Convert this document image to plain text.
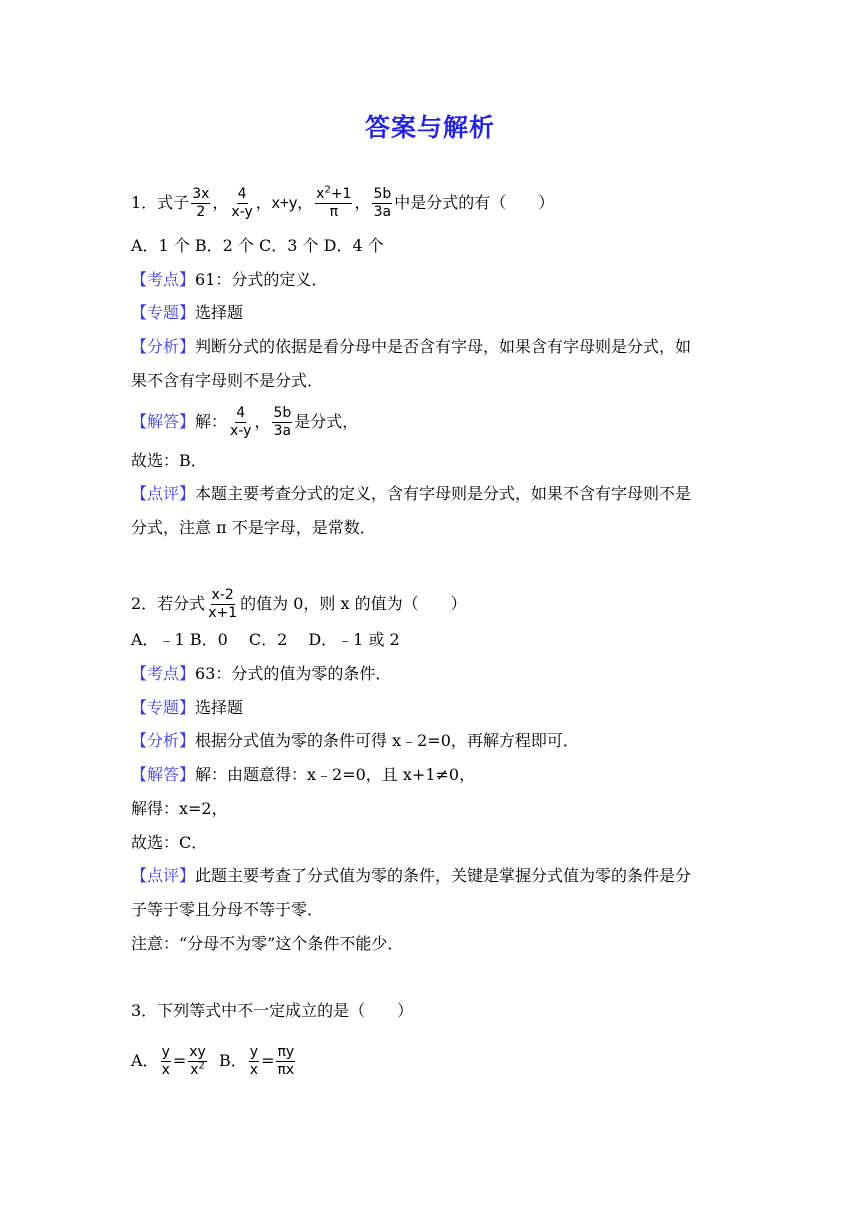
答案与解析
1．式子 $\frac{3x}{2}$ ， $\frac{4}{x-y}$ ，x+y， $\frac{x^2+1}{\pi}$ ， $\frac{5b}{3a}$ 中是分式的有（　　）
A．1 个 B．2 个 C．3 个 D．4 个
【考点】61：分式的定义．
【专题】选择题
【分析】判断分式的依据是看分母中是否含有字母，如果含有字母则是分式，如
果不含有字母则不是分式．
【解答】解： $\frac{4}{x-y}$ ， $\frac{5b}{3a}$ 是分式，
故选：B．
【点评】本题主要考查分式的定义，含有字母则是分式，如果不含有字母则不是
分式，注意 π 不是字母，是常数．
2．若分式 $\frac{x-2}{x+1}$ 的值为 0，则 x 的值为（　　）
A．﹣1 B．0　 C．2　 D．﹣1 或 2
【考点】63：分式的值为零的条件．
【专题】选择题
【分析】根据分式值为零的条件可得 x﹣2=0，再解方程即可．
【解答】解：由题意得：x﹣2=0，且 x+1≠0，
解得：x=2，
故选：C．
【点评】此题主要考查了分式值为零的条件，关键是掌握分式值为零的条件是分
子等于零且分母不等于零．
注意：“分母不为零”这个条件不能少．
3．下列等式中不一定成立的是（　　）
A． $\frac{y}{x} = \frac{xy}{x^2}$ B． $\frac{y}{x} = \frac{\pi y}{\pi x}$
